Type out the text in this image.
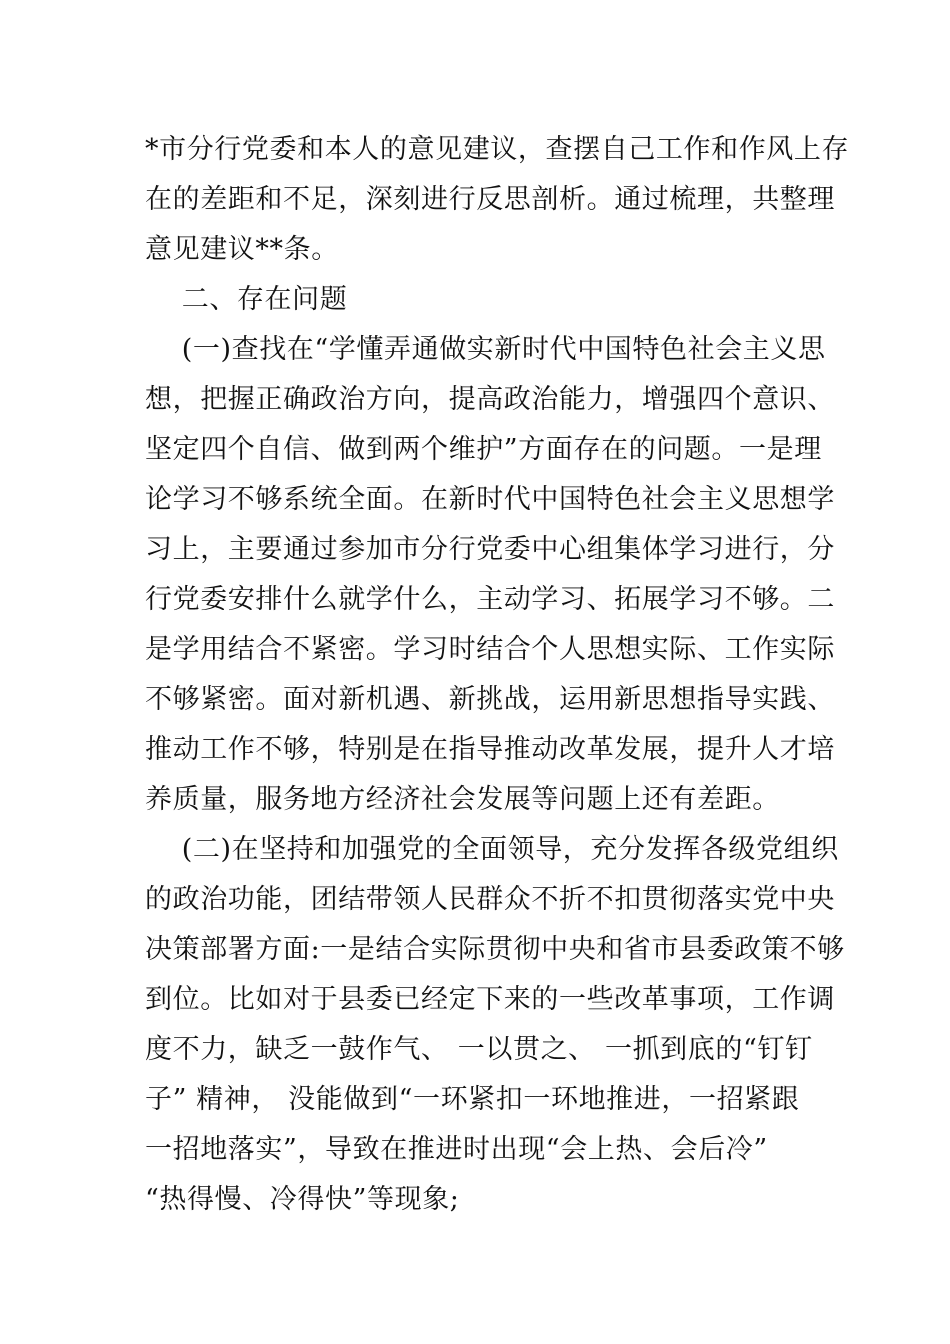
*市分行党委和本人的意见建议，查摆自己工作和作风上存
在的差距和不足，深刻进行反思剖析。通过梳理，共整理
意见建议**条。
二、存在问题
(一)查找在“学懂弄通做实新时代中国特色社会主义思
想，把握正确政治方向，提高政治能力，增强四个意识、
坚定四个自信、做到两个维护”方面存在的问题。一是理
论学习不够系统全面。在新时代中国特色社会主义思想学
习上，主要通过参加市分行党委中心组集体学习进行，分
行党委安排什么就学什么，主动学习、拓展学习不够。二
是学用结合不紧密。学习时结合个人思想实际、工作实际
不够紧密。面对新机遇、新挑战，运用新思想指导实践、
推动工作不够，特别是在指导推动改革发展，提升人才培
养质量，服务地方经济社会发展等问题上还有差距。
(二)在坚持和加强党的全面领导，充分发挥各级党组织
的政治功能，团结带领人民群众不折不扣贯彻落实党中央
决策部署方面:一是结合实际贯彻中央和省市县委政策不够
到位。比如对于县委已经定下来的一些改革事项，工作调
度不力，缺乏一鼓作气、 一以贯之、 一抓到底的“钉钉
子” 精神， 没能做到“一环紧扣一环地推进，一招紧跟
一招地落实”，导致在推进时出现“会上热、会后冷”
“热得慢、冷得快”等现象;
